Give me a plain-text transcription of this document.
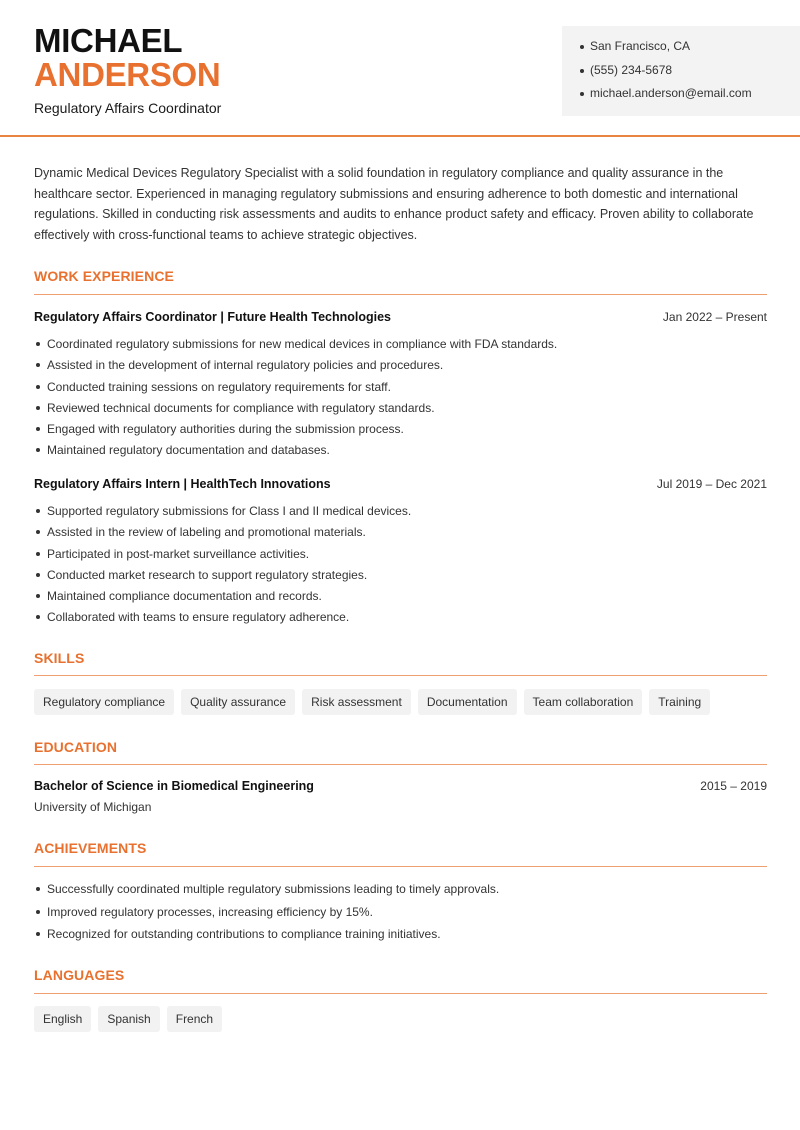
MICHAEL
ANDERSON
Regulatory Affairs Coordinator
San Francisco, CA
(555) 234-5678
michael.anderson@email.com

Dynamic Medical Devices Regulatory Specialist with a solid foundation in regulatory compliance and quality assurance in the healthcare sector. Experienced in managing regulatory submissions and ensuring adherence to both domestic and international regulations. Skilled in conducting risk assessments and audits to enhance product safety and efficacy. Proven ability to collaborate effectively with cross-functional teams to achieve strategic objectives.

WORK EXPERIENCE
Regulatory Affairs Coordinator | Future Health Technologies	Jan 2022 – Present
Coordinated regulatory submissions for new medical devices in compliance with FDA standards.
Assisted in the development of internal regulatory policies and procedures.
Conducted training sessions on regulatory requirements for staff.
Reviewed technical documents for compliance with regulatory standards.
Engaged with regulatory authorities during the submission process.
Maintained regulatory documentation and databases.
Regulatory Affairs Intern | HealthTech Innovations	Jul 2019 – Dec 2021
Supported regulatory submissions for Class I and II medical devices.
Assisted in the review of labeling and promotional materials.
Participated in post-market surveillance activities.
Conducted market research to support regulatory strategies.
Maintained compliance documentation and records.
Collaborated with teams to ensure regulatory adherence.
SKILLS
Regulatory compliance	Quality assurance	Risk assessment	Documentation	Team collaboration	Training
EDUCATION
Bachelor of Science in Biomedical Engineering	2015 – 2019
University of Michigan
ACHIEVEMENTS
Successfully coordinated multiple regulatory submissions leading to timely approvals.
Improved regulatory processes, increasing efficiency by 15%.
Recognized for outstanding contributions to compliance training initiatives.
LANGUAGES
English	Spanish	French
